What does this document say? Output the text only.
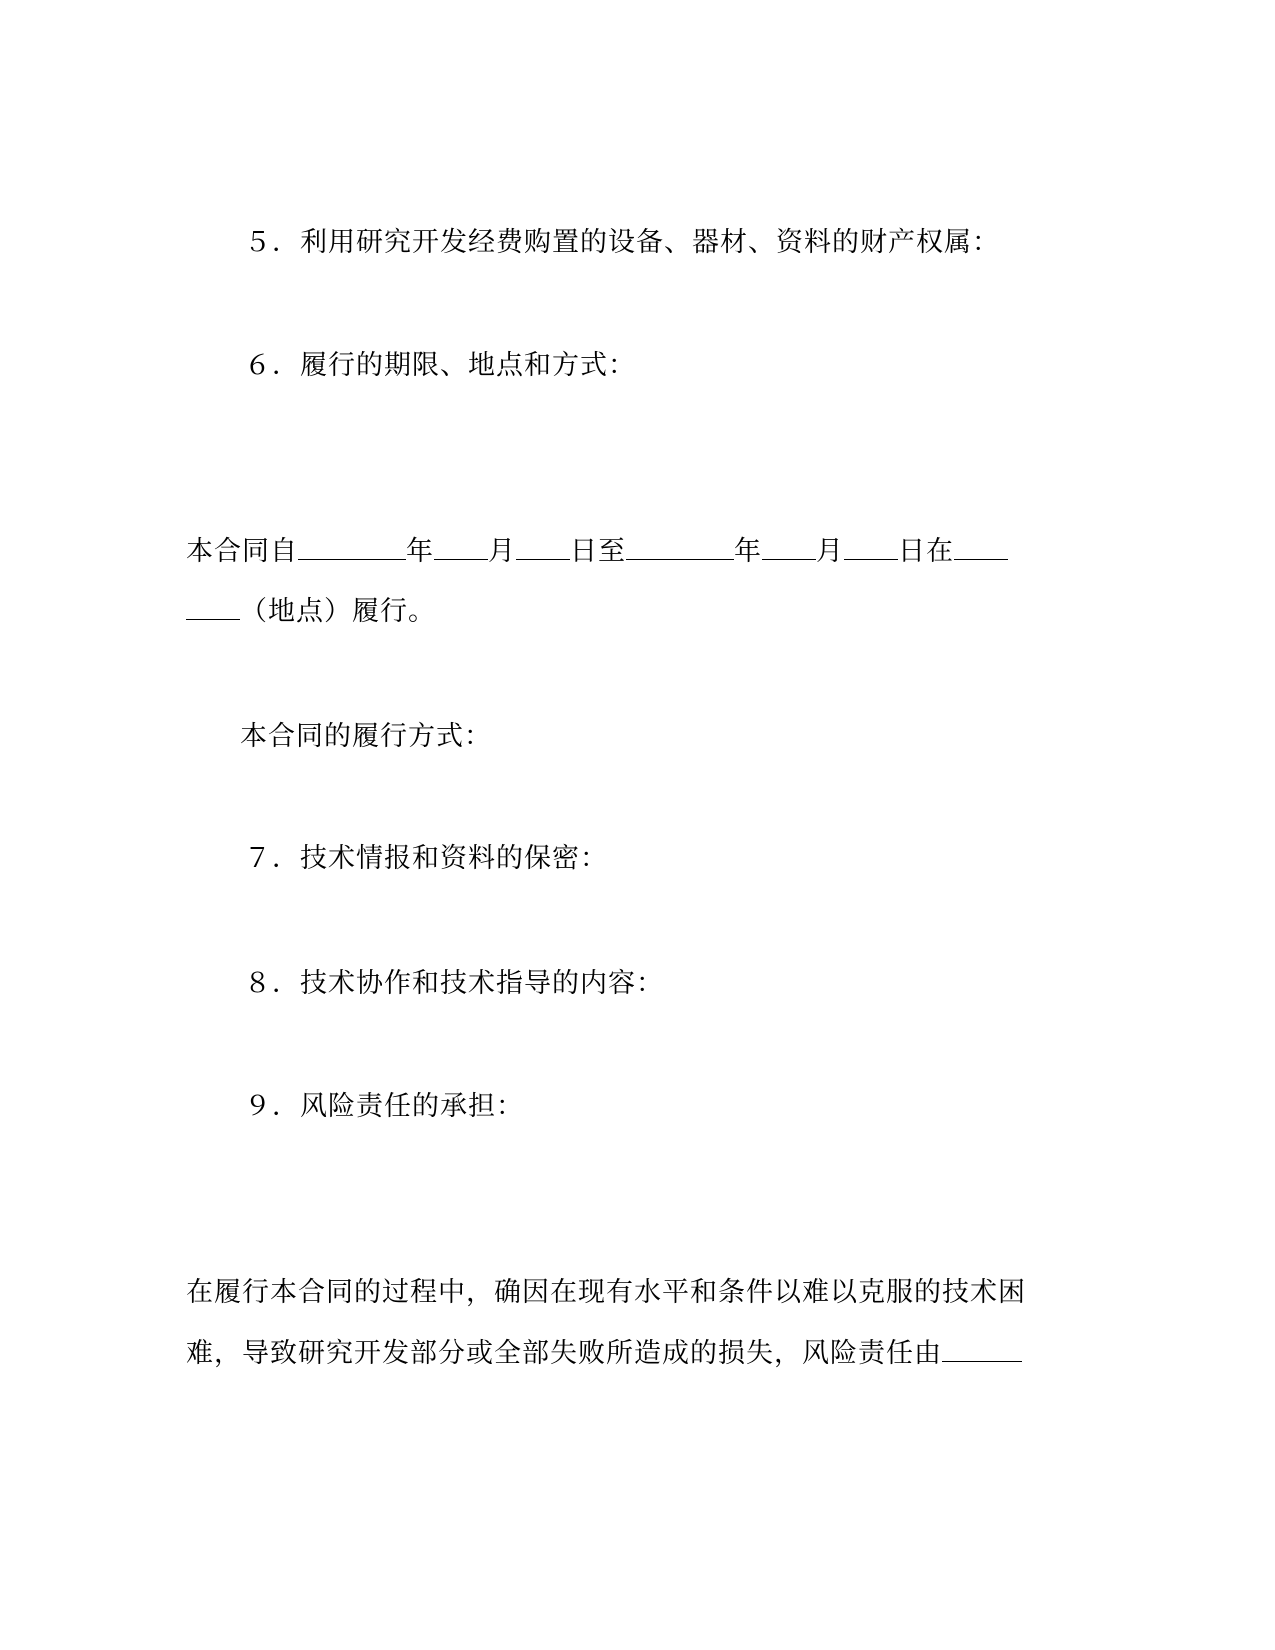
５．利用研究开发经费购置的设备、器材、资料的财产权属：
６．履行的期限、地点和方式：
本合同自	年 月 日至	年 月 日在
（地点）履行。
本合同的履行方式：
７．技术情报和资料的保密：
８．技术协作和技术指导的内容：
９．风险责任的承担：
在履行本合同的过程中，确因在现有水平和条件以难以克服的技术困
难，导致研究开发部分或全部失败所造成的损失，风险责任由
